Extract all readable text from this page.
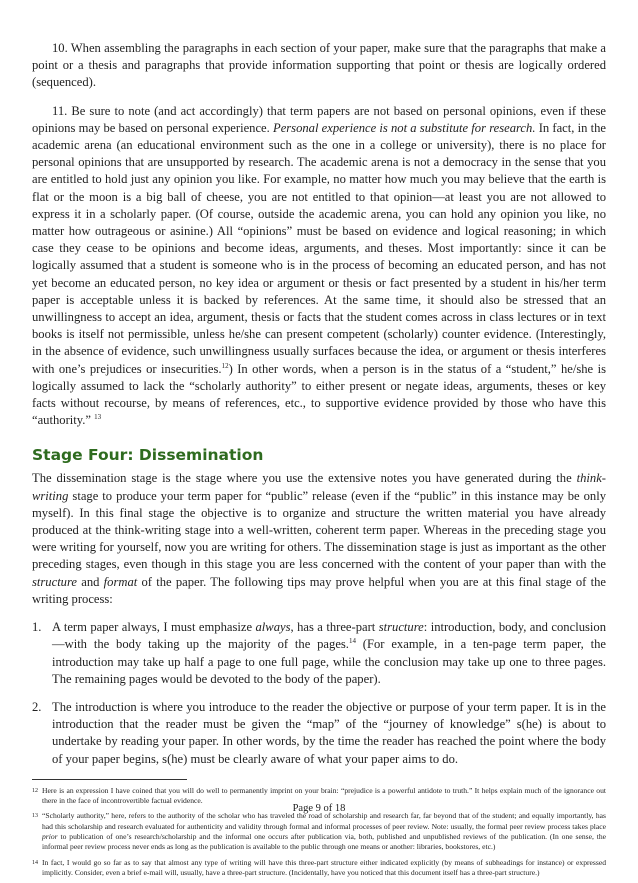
10. When assembling the paragraphs in each section of your paper, make sure that the paragraphs that make a point or a thesis and paragraphs that provide information supporting that point or thesis are logically ordered (sequenced).

11. Be sure to note (and act accordingly) that term papers are not based on personal opinions, even if these opinions may be based on personal experience. Personal experience is not a substitute for research. In fact, in the academic arena (an educational environment such as the one in a college or university), there is no place for personal opinions that are unsupported by research. The academic arena is not a democracy in the sense that you are entitled to hold just any opinion you like. For example, no matter how much you may believe that the earth is flat or the moon is a big ball of cheese, you are not entitled to that opinion—at least you are not allowed to express it in a scholarly paper. (Of course, outside the academic arena, you can hold any opinion you like, no matter how outrageous or asinine.) All “opinions” must be based on evidence and logical reasoning; in which case they cease to be opinions and become ideas, arguments, and theses. Most importantly: since it can be logically assumed that a student is someone who is in the process of becoming an educated person, and has not yet become an educated person, no key idea or argument or thesis or fact presented by a student in his/her term paper is acceptable unless it is backed by references. At the same time, it should also be stressed that an unwillingness to accept an idea, argument, thesis or facts that the student comes across in class lectures or in text books is itself not permissible, unless he/she can present competent (scholarly) counter evidence. (Interestingly, in the absence of evidence, such unwillingness usually surfaces because the idea, or argument or thesis interferes with one’s prejudices or insecurities.$^{12}$) In other words, when a person is in the status of a “student,” he/she is logically assumed to lack the “scholarly authority” to either present or negate ideas, arguments, theses or key facts without recourse, by means of references, etc., to supportive evidence provided by those who have this “authority.” $^{13}$

Stage Four: Dissemination

The dissemination stage is the stage where you use the extensive notes you have generated during the think-writing stage to produce your term paper for “public” release (even if the “public” in this instance may be only myself). In this final stage the objective is to organize and structure the written material you have already produced at the think-writing stage into a well-written, coherent term paper. Whereas in the preceding stage you were writing for yourself, now you are writing for others. The dissemination stage is just as important as the other preceding stages, even though in this stage you are less concerned with the content of your paper than with the structure and format of the paper. The following tips may prove helpful when you are at this final stage of the writing process:

1. A term paper always, I must emphasize always, has a three-part structure: introduction, body, and conclusion—with the body taking up the majority of the pages.$^{14}$ (For example, in a ten-page term paper, the introduction may take up half a page to one full page, while the conclusion may take up one to three pages. The remaining pages would be devoted to the body of the paper).
2. The introduction is where you introduce to the reader the objective or purpose of your term paper. It is in the introduction that the reader must be given the “map” of the “journey of knowledge” s(he) is about to undertake by reading your paper. In other words, by the time the reader has reached the point where the body of your paper begins, s(he) must be clearly aware of what your paper aims to do.

12 Here is an expression I have coined that you will do well to permanently imprint on your brain: “prejudice is a powerful antidote to truth.” It helps explain much of the ignorance out there in the face of incontrovertible factual evidence.

13 “Scholarly authority,” here, refers to the authority of the scholar who has traveled the road of scholarship and research far, far beyond that of the student; and equally importantly, has had this scholarship and research evaluated for authenticity and validity through formal and informal processes of peer review. Note: usually, the formal peer review process takes place prior to publication of one’s research/scholarship and the informal one occurs after publication via, both, published and unpublished reviews of the publication. (In one sense, the informal peer review process never ends as long as the publication is available to the public through one means or another: libraries, bookstores, etc.)

14 In fact, I would go so far as to say that almost any type of writing will have this three-part structure either indicated explicitly (by means of subheadings for instance) or expressed implicitly. Consider, even a brief e-mail will, usually, have a three-part structure. (Incidentally, have you noticed that this document itself has a three-part structure.)

Page 9 of 18
